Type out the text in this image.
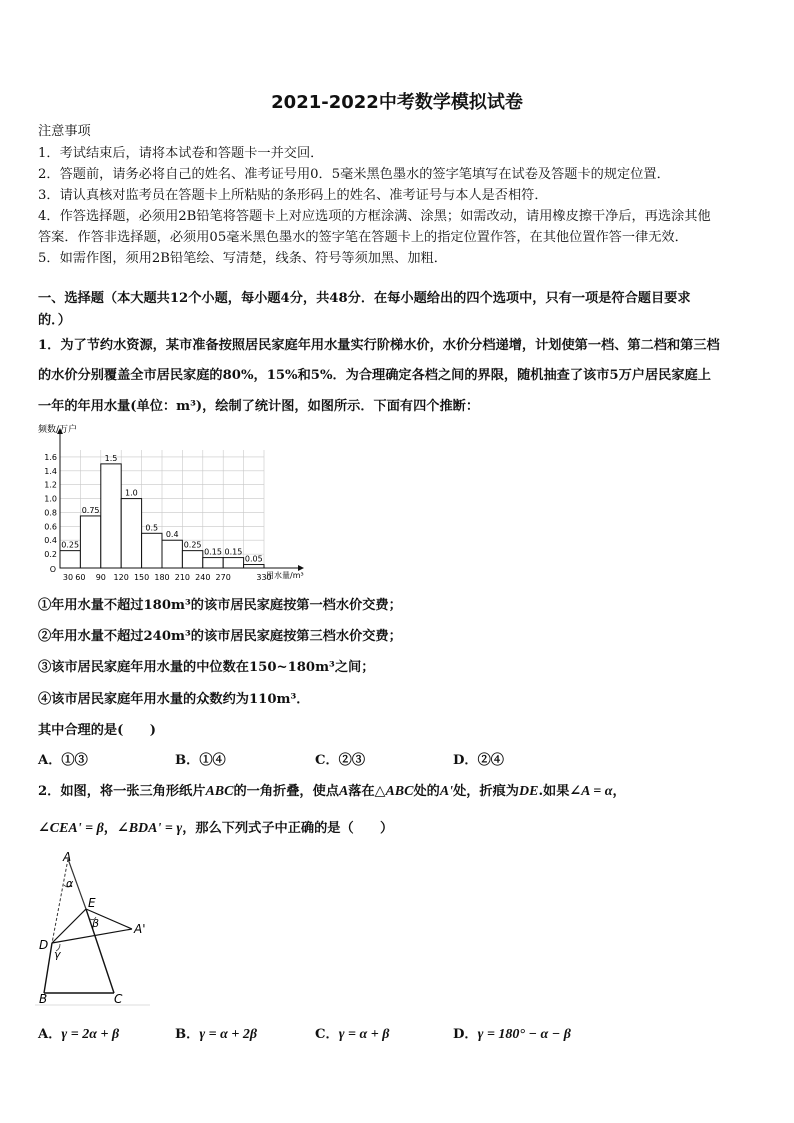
2021-2022中考数学模拟试卷
注意事项
1．考试结束后，请将本试卷和答题卡一并交回．
2．答题前，请务必将自己的姓名、准考证号用0．5毫米黑色墨水的签字笔填写在试卷及答题卡的规定位置．
3．请认真核对监考员在答题卡上所粘贴的条形码上的姓名、准考证号与本人是否相符．
4．作答选择题，必须用2B铅笔将答题卡上对应选项的方框涂满、涂黑；如需改动，请用橡皮擦干净后，再选涂其他
答案．作答非选择题，必须用05毫米黑色墨水的签字笔在答题卡上的指定位置作答，在其他位置作答一律无效．
5．如需作图，须用2B铅笔绘、写清楚，线条、符号等须加黑、加粗．
一、选择题（本大题共12个小题，每小题4分，共48分．在每小题给出的四个选项中，只有一项是符合题目要求
的．）
1．为了节约水资源，某市准备按照居民家庭年用水量实行阶梯水价，水价分档递增，计划使第一档、第二档和第三档
的水价分别覆盖全市居民家庭的80%，15%和5%．为合理确定各档之间的界限，随机抽查了该市5万户居民家庭上
一年的年用水量(单位：m³)，绘制了统计图，如图所示．下面有四个推断：
0.25
0.75
1.5
1.0
0.5
0.4
0.25
0.15 0.15
0.05
0.2
0.4
0.6
0.8
1.0
1.2
1.4
1.6
O
30 60 90 120 150 180 210 240 270	330
频数/万户
用水量/m³
①年用水量不超过180m³的该市居民家庭按第一档水价交费；
②年用水量不超过240m³的该市居民家庭按第三档水价交费；
③该市居民家庭年用水量的中位数在150~180m³之间；
④该市居民家庭年用水量的众数约为110m³．
其中合理的是(　　)
A．①③	B．①④	C．②③	D．②④
2．如图，将一张三角形纸片ABC的一角折叠，使点A落在△ABC处的A'处，折痕为DE.如果∠A = α，
∠CEA' = β，∠BDA' = γ，那么下列式子中正确的是（　　）
A
α
E
β	A'
D
γ
B	C
A．γ = 2α + β	B．γ = α + 2β	C．γ = α + β	D．γ = 180° − α − β
